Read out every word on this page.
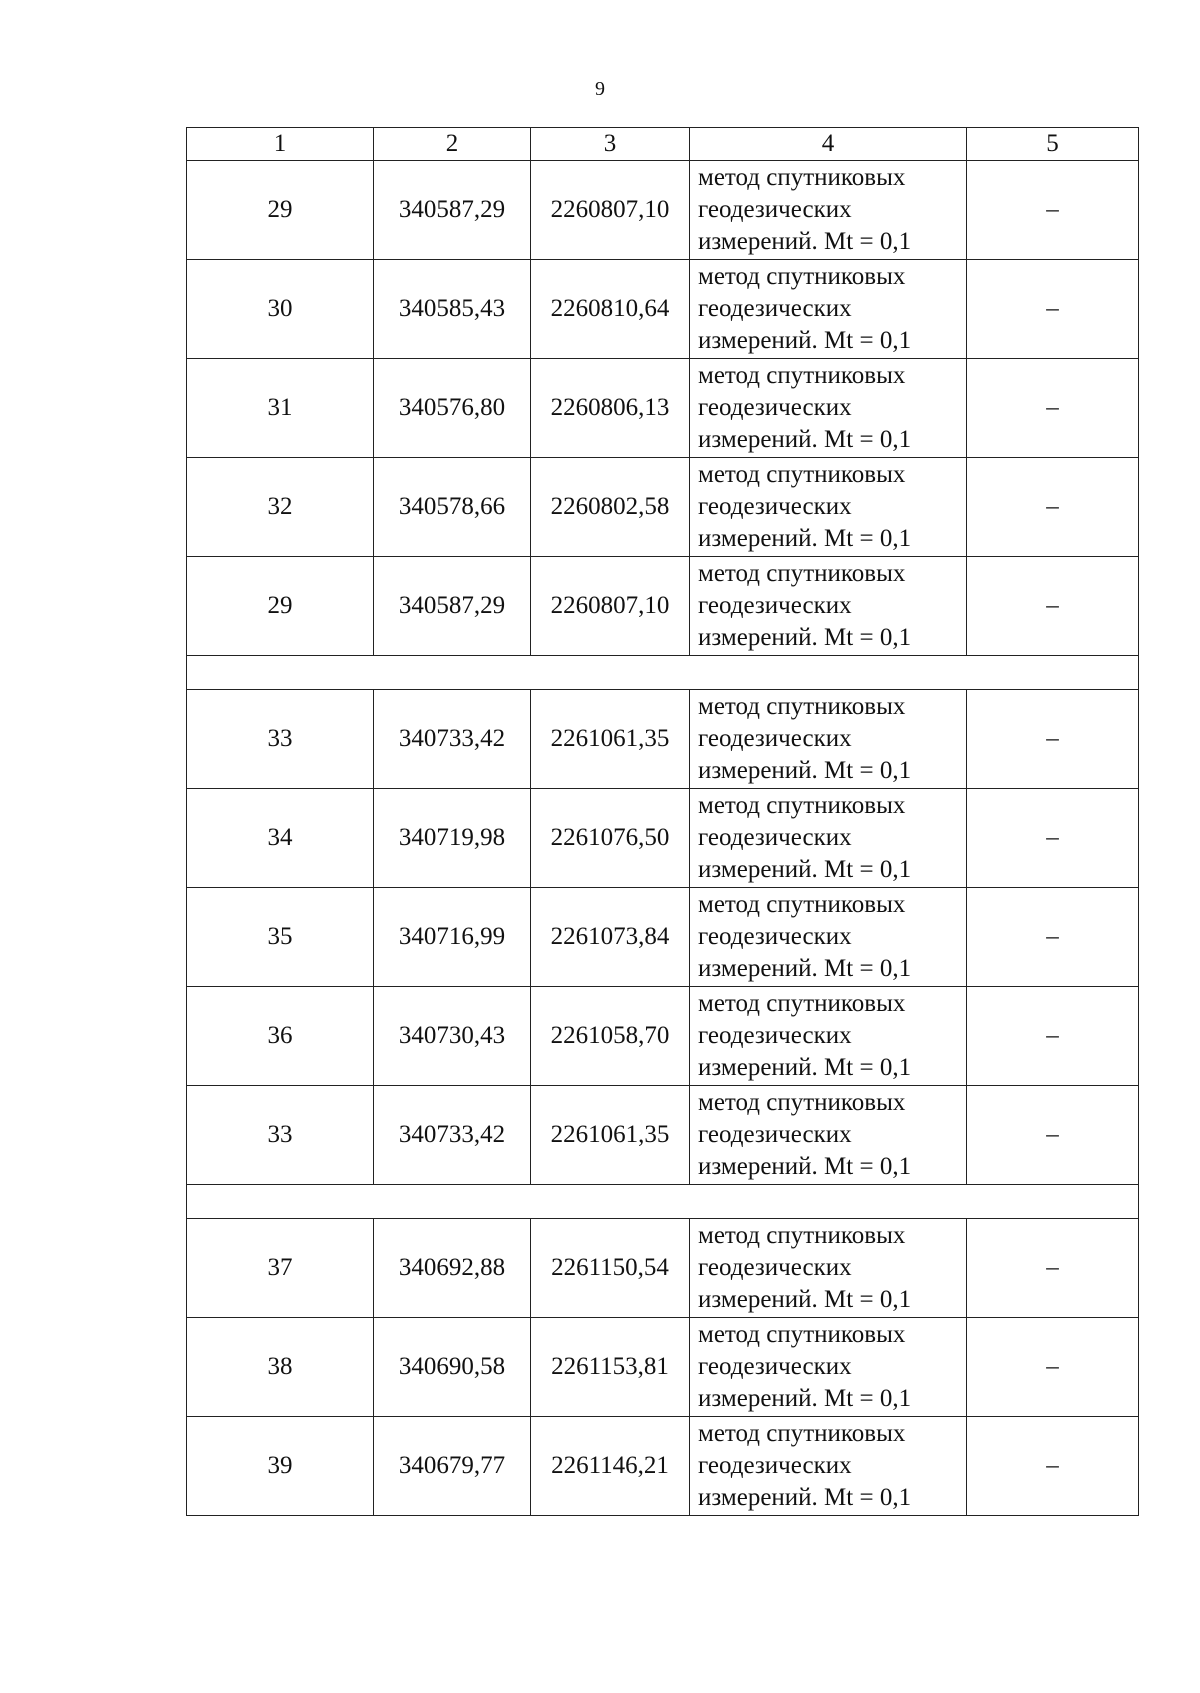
9
1	2	3	4	5
29	340587,29	2260807,10	метод спутниковых
геодезических
измерений. Mt = 0,1	–
30	340585,43	2260810,64	метод спутниковых
геодезических
измерений. Mt = 0,1	–
31	340576,80	2260806,13	метод спутниковых
геодезических
измерений. Mt = 0,1	–
32	340578,66	2260802,58	метод спутниковых
геодезических
измерений. Mt = 0,1	–
29	340587,29	2260807,10	метод спутниковых
геодезических
измерений. Mt = 0,1	–

33	340733,42	2261061,35	метод спутниковых
геодезических
измерений. Mt = 0,1	–
34	340719,98	2261076,50	метод спутниковых
геодезических
измерений. Mt = 0,1	–
35	340716,99	2261073,84	метод спутниковых
геодезических
измерений. Mt = 0,1	–
36	340730,43	2261058,70	метод спутниковых
геодезических
измерений. Mt = 0,1	–
33	340733,42	2261061,35	метод спутниковых
геодезических
измерений. Mt = 0,1	–

37	340692,88	2261150,54	метод спутниковых
геодезических
измерений. Mt = 0,1	–
38	340690,58	2261153,81	метод спутниковых
геодезических
измерений. Mt = 0,1	–
39	340679,77	2261146,21	метод спутниковых
геодезических
измерений. Mt = 0,1	–
